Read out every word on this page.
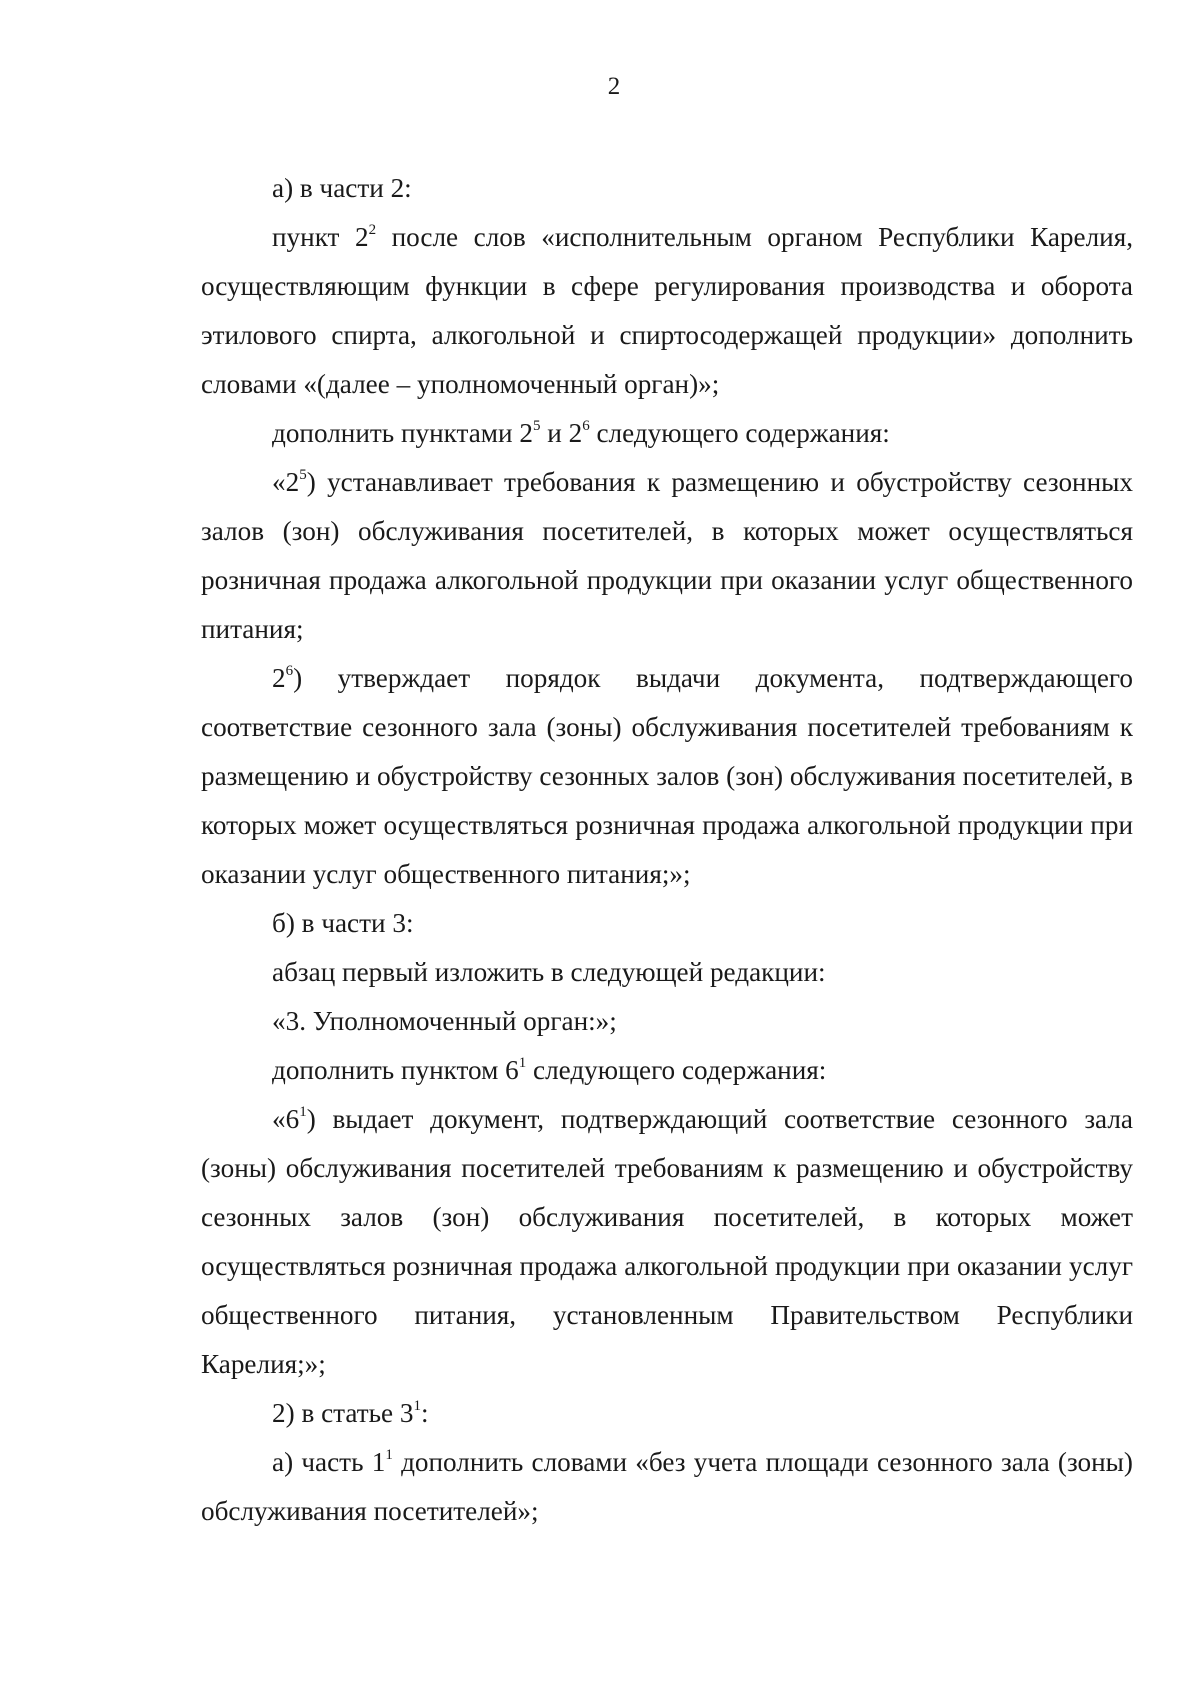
2

а) в части 2:

пункт $2^2$ после слов «исполнительным органом Республики Карелия, осуществляющим функции в сфере регулирования производства и оборота этилового спирта, алкогольной и спиртосодержащей продукции» дополнить словами «(далее – уполномоченный орган)»;

дополнить пунктами $2^5$ и $2^6$ следующего содержания:

«$2^5$) устанавливает требования к размещению и обустройству сезонных залов (зон) обслуживания посетителей, в которых может осуществляться розничная продажа алкогольной продукции при оказании услуг общественного питания;

$2^6$) утверждает порядок выдачи документа, подтверждающего соответствие сезонного зала (зоны) обслуживания посетителей требованиям к размещению и обустройству сезонных залов (зон) обслуживания посетителей, в которых может осуществляться розничная продажа алкогольной продукции при оказании услуг общественного питания;»;

б) в части 3:

абзац первый изложить в следующей редакции:

«3. Уполномоченный орган:»;

дополнить пунктом $6^1$ следующего содержания:

«$6^1$) выдает документ, подтверждающий соответствие сезонного зала (зоны) обслуживания посетителей требованиям к размещению и обустройству сезонных залов (зон) обслуживания посетителей, в которых может осуществляться розничная продажа алкогольной продукции при оказании услуг общественного питания, установленным Правительством Республики Карелия;»;

2) в статье $3^1$:

а) часть $1^1$ дополнить словами «без учета площади сезонного зала (зоны) обслуживания посетителей»;
